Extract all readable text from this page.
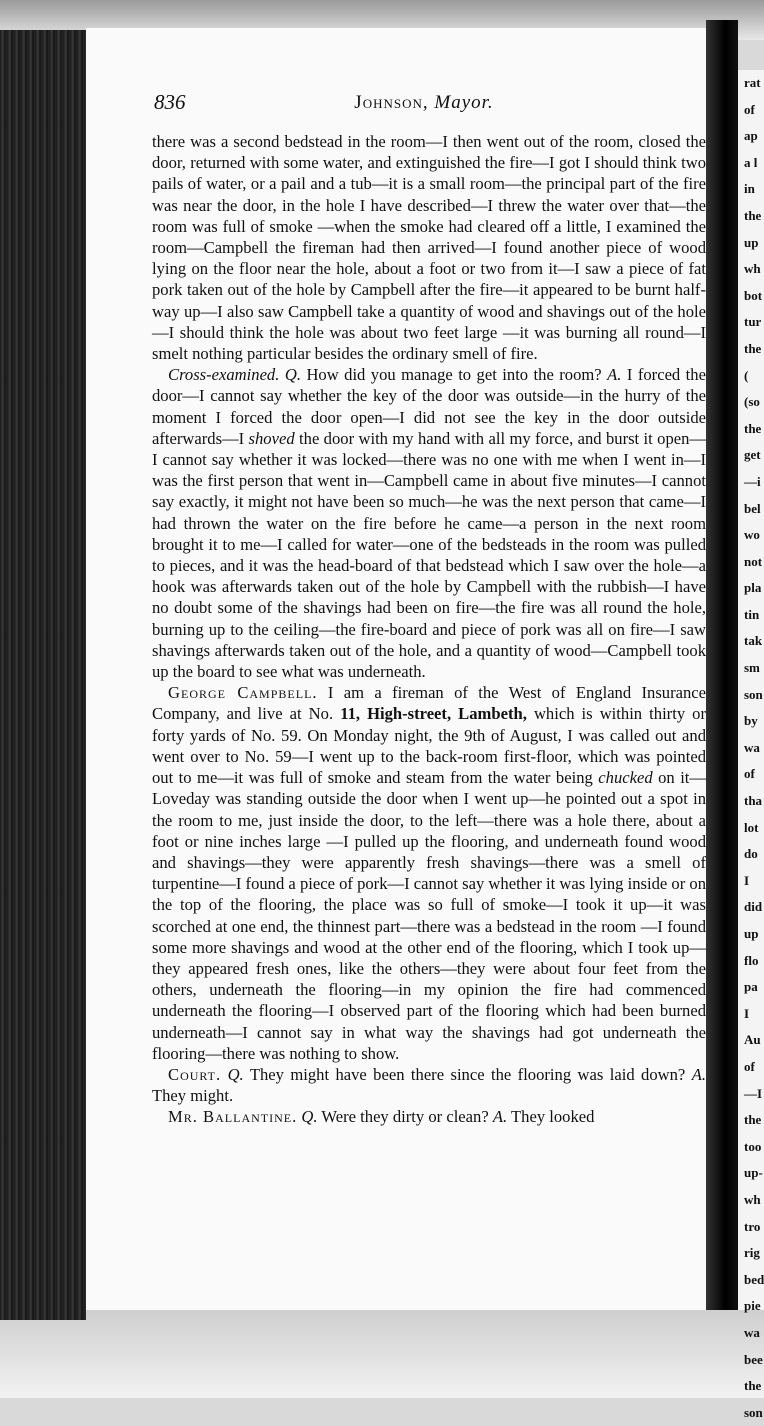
rat
of
ap
a l
in
the
up
wh
bot
tur
the
(
(so
the
get
—i
bel
wo
not
pla
tin
tak
sm
son
by
wa
of
tha
lot
do
I
did
up
flo
pa
I
Au
of
—I
the
too
up-
wh
tro
rig
bed
pie
wa
bee
the
son
836	Johnson, Mayor.

there was a second bedstead in the room—I then went out of the room, closed the door, returned with some water, and extinguished the fire—I got I should think two pails of water, or a pail and a tub—it is a small room—the principal part of the fire was near the door, in the hole I have described—I threw the water over that—the room was full of smoke —when the smoke had cleared off a little, I examined the room—Campbell the fireman had then arrived—I found another piece of wood lying on the floor near the hole, about a foot or two from it—I saw a piece of fat pork taken out of the hole by Campbell after the fire—it appeared to be burnt half-way up—I also saw Campbell take a quantity of wood and shavings out of the hole—I should think the hole was about two feet large —it was burning all round—I smelt nothing particular besides the ordinary smell of fire.

Cross-examined. Q. How did you manage to get into the room? A. I forced the door—I cannot say whether the key of the door was outside—in the hurry of the moment I forced the door open—I did not see the key in the door outside afterwards—I shoved the door with my hand with all my force, and burst it open—I cannot say whether it was locked—there was no one with me when I went in—I was the first person that went in—Campbell came in about five minutes—I cannot say exactly, it might not have been so much—he was the next person that came—I had thrown the water on the fire before he came—a person in the next room brought it to me—I called for water—one of the bedsteads in the room was pulled to pieces, and it was the head-board of that bedstead which I saw over the hole—a hook was afterwards taken out of the hole by Campbell with the rubbish—I have no doubt some of the shavings had been on fire—the fire was all round the hole, burning up to the ceiling—the fire-board and piece of pork was all on fire—I saw shavings afterwards taken out of the hole, and a quantity of wood—Campbell took up the board to see what was underneath.

George Campbell. I am a fireman of the West of England Insurance Company, and live at No. 11, High-street, Lambeth, which is within thirty or forty yards of No. 59. On Monday night, the 9th of August, I was called out and went over to No. 59—I went up to the back-room first-floor, which was pointed out to me—it was full of smoke and steam from the water being chucked on it—Loveday was standing outside the door when I went up—he pointed out a spot in the room to me, just inside the door, to the left—there was a hole there, about a foot or nine inches large —I pulled up the flooring, and underneath found wood and shavings—they were apparently fresh shavings—there was a smell of turpentine—I found a piece of pork—I cannot say whether it was lying inside or on the top of the flooring, the place was so full of smoke—I took it up—it was scorched at one end, the thinnest part—there was a bedstead in the room —I found some more shavings and wood at the other end of the flooring, which I took up—they appeared fresh ones, like the others—they were about four feet from the others, underneath the flooring—in my opinion the fire had commenced underneath the flooring—I observed part of the flooring which had been burned underneath—I cannot say in what way the shavings had got underneath the flooring—there was nothing to show.

Court. Q. They might have been there since the flooring was laid down? A. They might.

Mr. Ballantine. Q. Were they dirty or clean? A. They looked
